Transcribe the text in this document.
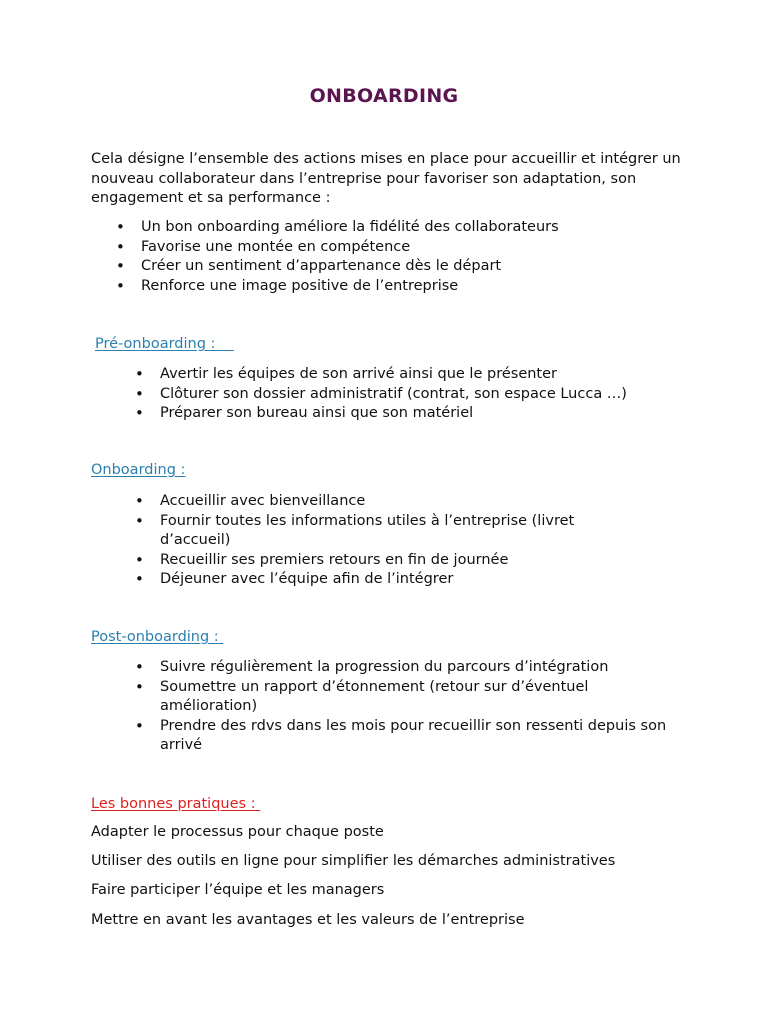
ONBOARDING
Cela désigne l’ensemble des actions mises en place pour accueillir et intégrer un nouveau collaborateur dans l’entreprise pour favoriser son adaptation, son engagement et sa performance :
• Un bon onboarding améliore la fidélité des collaborateurs
• Favorise une montée en compétence
• Créer un sentiment d’appartenance dès le départ
• Renforce une image positive de l’entreprise
Pré-onboarding :
• Avertir les équipes de son arrivé ainsi que le présenter
• Clôturer son dossier administratif (contrat, son espace Lucca …)
• Préparer son bureau ainsi que son matériel
Onboarding :
• Accueillir avec bienveillance
• Fournir toutes les informations utiles à l’entreprise (livret d’accueil)
• Recueillir ses premiers retours en fin de journée
• Déjeuner avec l’équipe afin de l’intégrer
Post-onboarding :
• Suivre régulièrement la progression du parcours d’intégration
• Soumettre un rapport d’étonnement (retour sur d’éventuel amélioration)
• Prendre des rdvs dans les mois pour recueillir son ressenti depuis son arrivé
Les bonnes pratiques :
Adapter le processus pour chaque poste
Utiliser des outils en ligne pour simplifier les démarches administratives
Faire participer l’équipe et les managers
Mettre en avant les avantages et les valeurs de l’entreprise
